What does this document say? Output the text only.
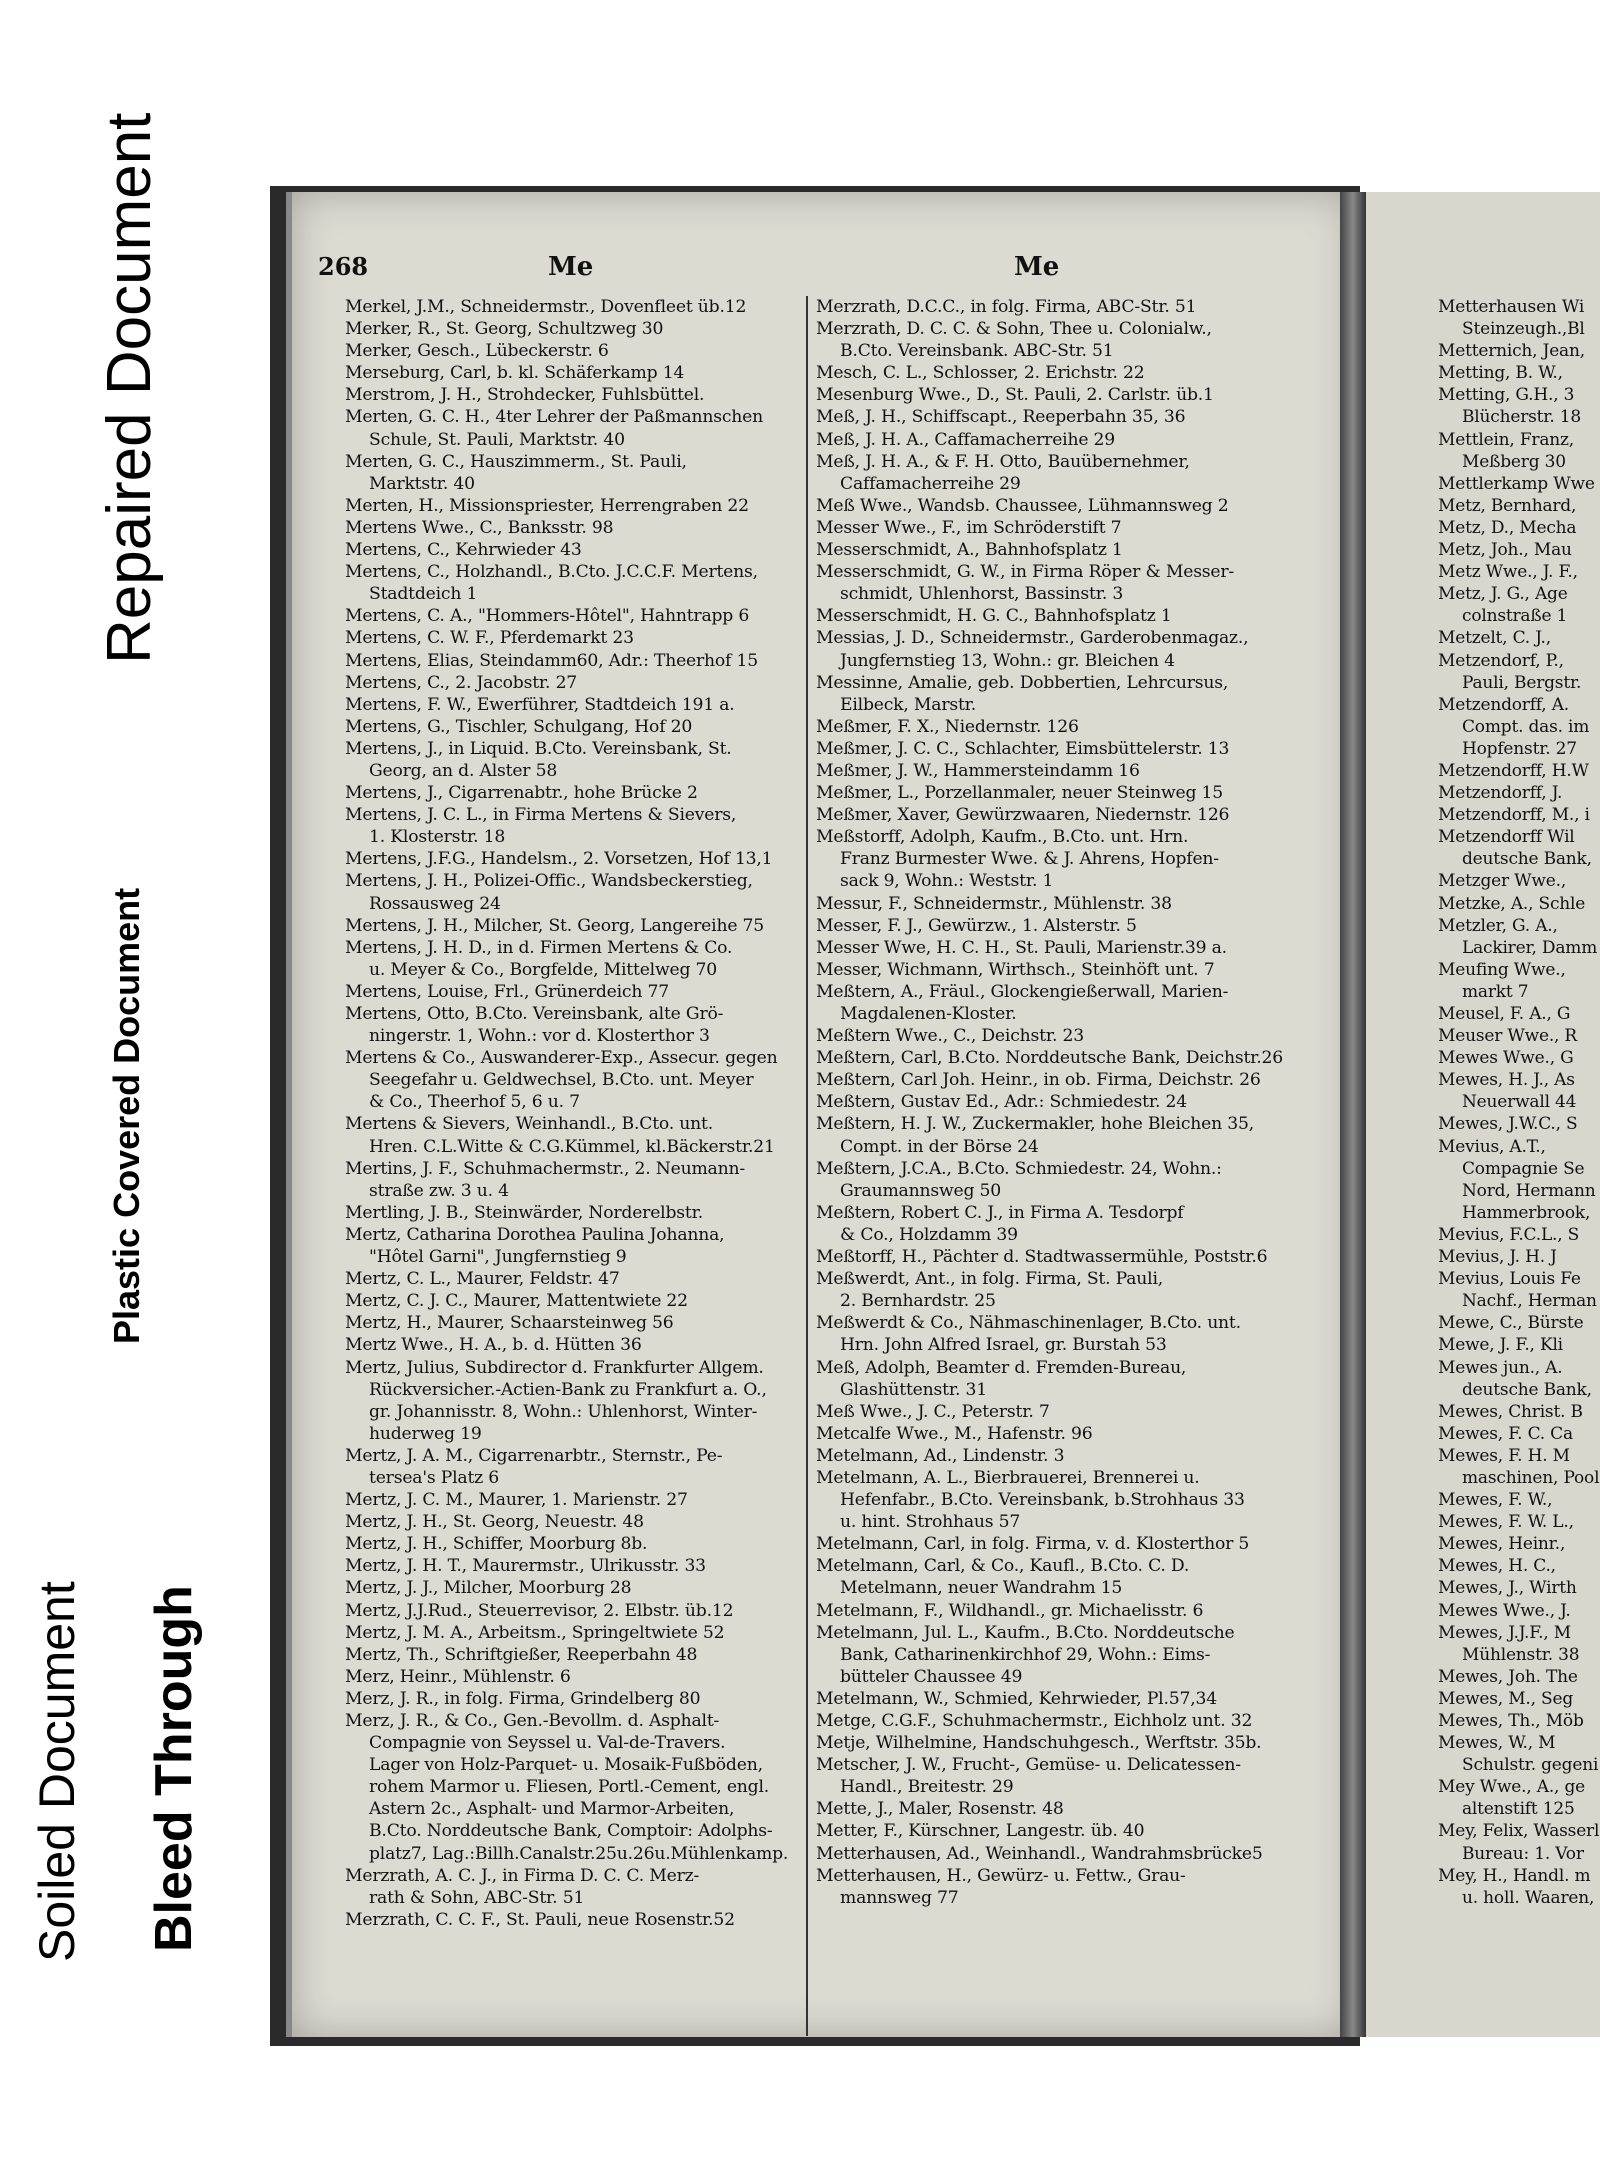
268	Me	Me
Merkel, J.M., Schneidermstr., Dovenfleet üb.12
Merker, R., St. Georg, Schultzweg 30
Merker, Gesch., Lübeckerstr. 6
Merseburg, Carl, b. kl. Schäferkamp 14
Merstrom, J. H., Strohdecker, Fuhlsbüttel.
Merten, G. C. H., 4ter Lehrer der Paßmannschen
Schule, St. Pauli, Marktstr. 40
Merten, G. C., Hauszimmerm., St. Pauli,
Marktstr. 40
Merten, H., Missionspriester, Herrengraben 22
Mertens Wwe., C., Banksstr. 98
Mertens, C., Kehrwieder 43
Mertens, C., Holzhandl., B.Cto. J.C.C.F. Mertens,
Stadtdeich 1
Mertens, C. A., "Hommers-Hôtel", Hahntrapp 6
Mertens, C. W. F., Pferdemarkt 23
Mertens, Elias, Steindamm60, Adr.: Theerhof 15
Mertens, C., 2. Jacobstr. 27
Mertens, F. W., Ewerführer, Stadtdeich 191 a.
Mertens, G., Tischler, Schulgang, Hof 20
Mertens, J., in Liquid. B.Cto. Vereinsbank, St.
Georg, an d. Alster 58
Mertens, J., Cigarrenabtr., hohe Brücke 2
Mertens, J. C. L., in Firma Mertens & Sievers,
1. Klosterstr. 18
Mertens, J.F.G., Handelsm., 2. Vorsetzen, Hof 13,1
Mertens, J. H., Polizei-Offic., Wandsbeckerstieg,
Rossausweg 24
Mertens, J. H., Milcher, St. Georg, Langereihe 75
Mertens, J. H. D., in d. Firmen Mertens & Co.
u. Meyer & Co., Borgfelde, Mittelweg 70
Mertens, Louise, Frl., Grünerdeich 77
Mertens, Otto, B.Cto. Vereinsbank, alte Grö-
ningerstr. 1, Wohn.: vor d. Klosterthor 3
Mertens & Co., Auswanderer-Exp., Assecur. gegen
Seegefahr u. Geldwechsel, B.Cto. unt. Meyer
& Co., Theerhof 5, 6 u. 7
Mertens & Sievers, Weinhandl., B.Cto. unt.
Hren. C.L.Witte & C.G.Kümmel, kl.Bäckerstr.21
Mertins, J. F., Schuhmachermstr., 2. Neumann-
straße zw. 3 u. 4
Mertling, J. B., Steinwärder, Norderelbstr.
Mertz, Catharina Dorothea Paulina Johanna,
"Hôtel Garni", Jungfernstieg 9
Mertz, C. L., Maurer, Feldstr. 47
Mertz, C. J. C., Maurer, Mattentwiete 22
Mertz, H., Maurer, Schaarsteinweg 56
Mertz Wwe., H. A., b. d. Hütten 36
Mertz, Julius, Subdirector d. Frankfurter Allgem.
Rückversicher.-Actien-Bank zu Frankfurt a. O.,
gr. Johannisstr. 8, Wohn.: Uhlenhorst, Winter-
huderweg 19
Mertz, J. A. M., Cigarrenarbtr., Sternstr., Pe-
tersea's Platz 6
Mertz, J. C. M., Maurer, 1. Marienstr. 27
Mertz, J. H., St. Georg, Neuestr. 48
Mertz, J. H., Schiffer, Moorburg 8b.
Mertz, J. H. T., Maurermstr., Ulrikusstr. 33
Mertz, J. J., Milcher, Moorburg 28
Mertz, J.J.Rud., Steuerrevisor, 2. Elbstr. üb.12
Mertz, J. M. A., Arbeitsm., Springeltwiete 52
Mertz, Th., Schriftgießer, Reeperbahn 48
Merz, Heinr., Mühlenstr. 6
Merz, J. R., in folg. Firma, Grindelberg 80
Merz, J. R., & Co., Gen.-Bevollm. d. Asphalt-
Compagnie von Seyssel u. Val-de-Travers.
Lager von Holz-Parquet- u. Mosaik-Fußböden,
rohem Marmor u. Fliesen, Portl.-Cement, engl.
Astern 2c., Asphalt- und Marmor-Arbeiten,
B.Cto. Norddeutsche Bank, Comptoir: Adolphs-
platz7, Lag.:Billh.Canalstr.25u.26u.Mühlenkamp.
Merzrath, A. C. J., in Firma D. C. C. Merz-
rath & Sohn, ABC-Str. 51
Merzrath, C. C. F., St. Pauli, neue Rosenstr.52
Merzrath, D.C.C., in folg. Firma, ABC-Str. 51
Merzrath, D. C. C. & Sohn, Thee u. Colonialw.,
B.Cto. Vereinsbank. ABC-Str. 51
Mesch, C. L., Schlosser, 2. Erichstr. 22
Mesenburg Wwe., D., St. Pauli, 2. Carlstr. üb.1
Meß, J. H., Schiffscapt., Reeperbahn 35, 36
Meß, J. H. A., Caffamacherreihe 29
Meß, J. H. A., & F. H. Otto, Bauübernehmer,
Caffamacherreihe 29
Meß Wwe., Wandsb. Chaussee, Lühmannsweg 2
Messer Wwe., F., im Schröderstift 7
Messerschmidt, A., Bahnhofsplatz 1
Messerschmidt, G. W., in Firma Röper & Messer-
schmidt, Uhlenhorst, Bassinstr. 3
Messerschmidt, H. G. C., Bahnhofsplatz 1
Messias, J. D., Schneidermstr., Garderobenmagaz.,
Jungfernstieg 13, Wohn.: gr. Bleichen 4
Messinne, Amalie, geb. Dobbertien, Lehrcursus,
Eilbeck, Marstr.
Meßmer, F. X., Niedernstr. 126
Meßmer, J. C. C., Schlachter, Eimsbüttelerstr. 13
Meßmer, J. W., Hammersteindamm 16
Meßmer, L., Porzellanmaler, neuer Steinweg 15
Meßmer, Xaver, Gewürzwaaren, Niedernstr. 126
Meßstorff, Adolph, Kaufm., B.Cto. unt. Hrn.
Franz Burmester Wwe. & J. Ahrens, Hopfen-
sack 9, Wohn.: Weststr. 1
Messur, F., Schneidermstr., Mühlenstr. 38
Messer, F. J., Gewürzw., 1. Alsterstr. 5
Messer Wwe, H. C. H., St. Pauli, Marienstr.39 a.
Messer, Wichmann, Wirthsch., Steinhöft unt. 7
Meßtern, A., Fräul., Glockengießerwall, Marien-
Magdalenen-Kloster.
Meßtern Wwe., C., Deichstr. 23
Meßtern, Carl, B.Cto. Norddeutsche Bank, Deichstr.26
Meßtern, Carl Joh. Heinr., in ob. Firma, Deichstr. 26
Meßtern, Gustav Ed., Adr.: Schmiedestr. 24
Meßtern, H. J. W., Zuckermakler, hohe Bleichen 35,
Compt. in der Börse 24
Meßtern, J.C.A., B.Cto. Schmiedestr. 24, Wohn.:
Graumannsweg 50
Meßtern, Robert C. J., in Firma A. Tesdorpf
& Co., Holzdamm 39
Meßtorff, H., Pächter d. Stadtwassermühle, Poststr.6
Meßwerdt, Ant., in folg. Firma, St. Pauli,
2. Bernhardstr. 25
Meßwerdt & Co., Nähmaschinenlager, B.Cto. unt.
Hrn. John Alfred Israel, gr. Burstah 53
Meß, Adolph, Beamter d. Fremden-Bureau,
Glashüttenstr. 31
Meß Wwe., J. C., Peterstr. 7
Metcalfe Wwe., M., Hafenstr. 96
Metelmann, Ad., Lindenstr. 3
Metelmann, A. L., Bierbrauerei, Brennerei u.
Hefenfabr., B.Cto. Vereinsbank, b.Strohhaus 33
u. hint. Strohhaus 57
Metelmann, Carl, in folg. Firma, v. d. Klosterthor 5
Metelmann, Carl, & Co., Kaufl., B.Cto. C. D.
Metelmann, neuer Wandrahm 15
Metelmann, F., Wildhandl., gr. Michaelisstr. 6
Metelmann, Jul. L., Kaufm., B.Cto. Norddeutsche
Bank, Catharinenkirchhof 29, Wohn.: Eims-
bütteler Chaussee 49
Metelmann, W., Schmied, Kehrwieder, Pl.57,34
Metge, C.G.F., Schuhmachermstr., Eichholz unt. 32
Metje, Wilhelmine, Handschuhgesch., Werftstr. 35b.
Metscher, J. W., Frucht-, Gemüse- u. Delicatessen-
Handl., Breitestr. 29
Mette, J., Maler, Rosenstr. 48
Metter, F., Kürschner, Langestr. üb. 40
Metterhausen, Ad., Weinhandl., Wandrahmsbrücke5
Metterhausen, H., Gewürz- u. Fettw., Grau-
mannsweg 77
Metterhausen Wi
Steinzeugh.,Bl
Metternich, Jean,
Metting, B. W.,
Metting, G.H., 3
Blücherstr. 18
Mettlein, Franz,
Meßberg 30
Mettlerkamp Wwe
Metz, Bernhard,
Metz, D., Mecha
Metz, Joh., Mau
Metz Wwe., J. F.,
Metz, J. G., Age
colnstraße 1
Metzelt, C. J.,
Metzendorf, P.,
Pauli, Bergstr.
Metzendorff, A.
Compt. das. im
Hopfenstr. 27
Metzendorff, H.W
Metzendorff, J.
Metzendorff, M., i
Metzendorff Wil
deutsche Bank,
Metzger Wwe.,
Metzke, A., Schle
Metzler, G. A.,
Lackirer, Damm
Meufing Wwe.,
markt 7
Meusel, F. A., G
Meuser Wwe., R
Mewes Wwe., G
Mewes, H. J., As
Neuerwall 44
Mewes, J.W.C., S
Mevius, A.T.,
Compagnie Se
Nord, Hermann
Hammerbrook,
Mevius, F.C.L., S
Mevius, J. H. J
Mevius, Louis Fe
Nachf., Herman
Mewe, C., Bürste
Mewe, J. F., Kli
Mewes jun., A.
deutsche Bank,
Mewes, Christ. B
Mewes, F. C. Ca
Mewes, F. H. M
maschinen, Pool
Mewes, F. W.,
Mewes, F. W. L.,
Mewes, Heinr.,
Mewes, H. C.,
Mewes, J., Wirth
Mewes Wwe., J.
Mewes, J.J.F., M
Mühlenstr. 38
Mewes, Joh. The
Mewes, M., Seg
Mewes, Th., Möb
Mewes, W., M
Schulstr. gegeni
Mey Wwe., A., ge
altenstift 125
Mey, Felix, Wasserl
Bureau: 1. Vor
Mey, H., Handl. m
u. holl. Waaren,
Repaired Document
Plastic Covered Document
Soiled Document Bleed Through
